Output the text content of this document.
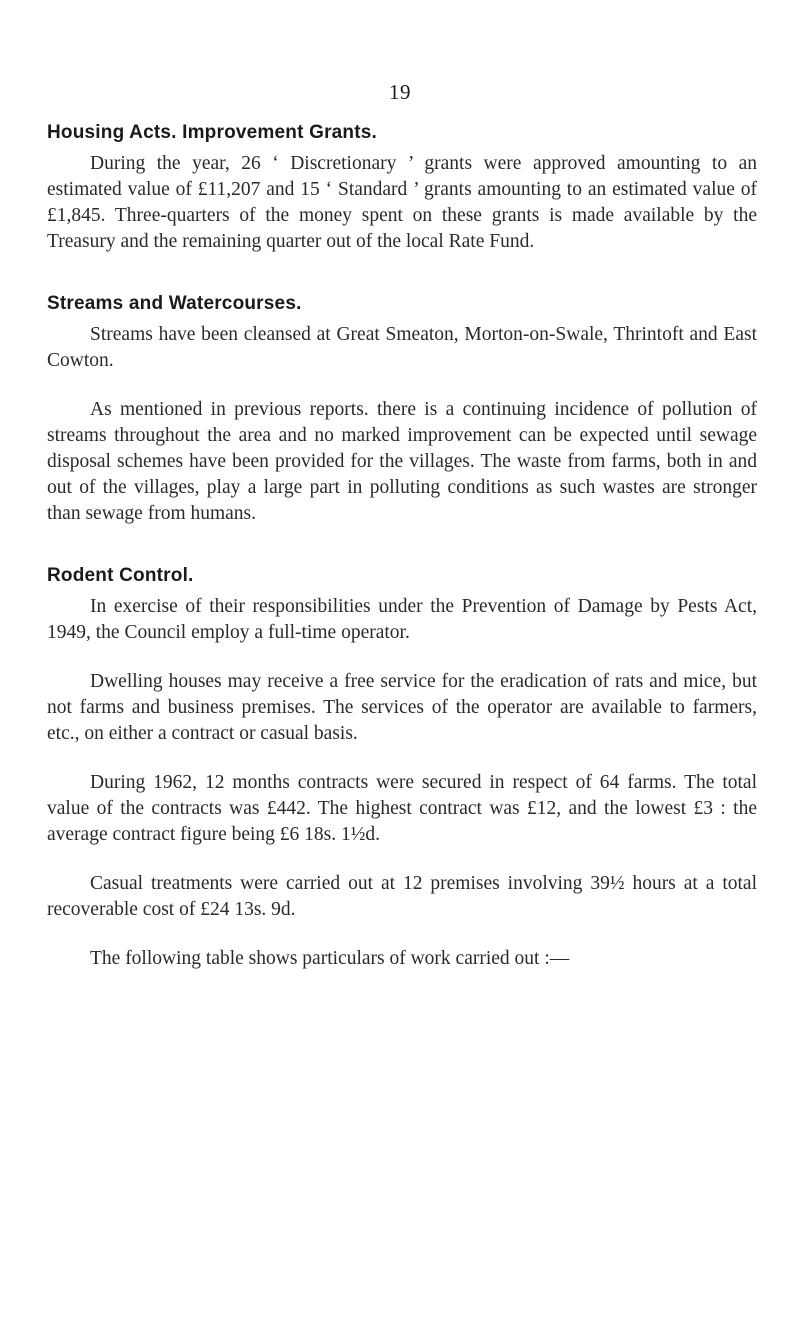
19
Housing Acts. Improvement Grants.

During the year, 26 ‘ Discretionary ’ grants were approved amounting to an estimated value of £11,207 and 15 ‘ Standard ’ grants amounting to an estimated value of £1,845. Three-quarters of the money spent on these grants is made available by the Treasury and the remaining quarter out of the local Rate Fund.

Streams and Watercourses.

Streams have been cleansed at Great Smeaton, Morton-on-Swale, Thrintoft and East Cowton.

As mentioned in previous reports. there is a continuing incidence of pollution of streams throughout the area and no marked improvement can be expected until sewage disposal schemes have been provided for the villages. The waste from farms, both in and out of the villages, play a large part in polluting conditions as such wastes are stronger than sewage from humans.

Rodent Control.

In exercise of their responsibilities under the Prevention of Damage by Pests Act, 1949, the Council employ a full-time operator.

Dwelling houses may receive a free service for the eradication of rats and mice, but not farms and business premises. The services of the operator are available to farmers, etc., on either a contract or casual basis.

During 1962, 12 months contracts were secured in respect of 64 farms. The total value of the contracts was £442. The highest contract was £12, and the lowest £3 : the average contract figure being £6 18s. 1½d.

Casual treatments were carried out at 12 premises involving 39½ hours at a total recoverable cost of £24 13s. 9d.

The following table shows particulars of work carried out :—
